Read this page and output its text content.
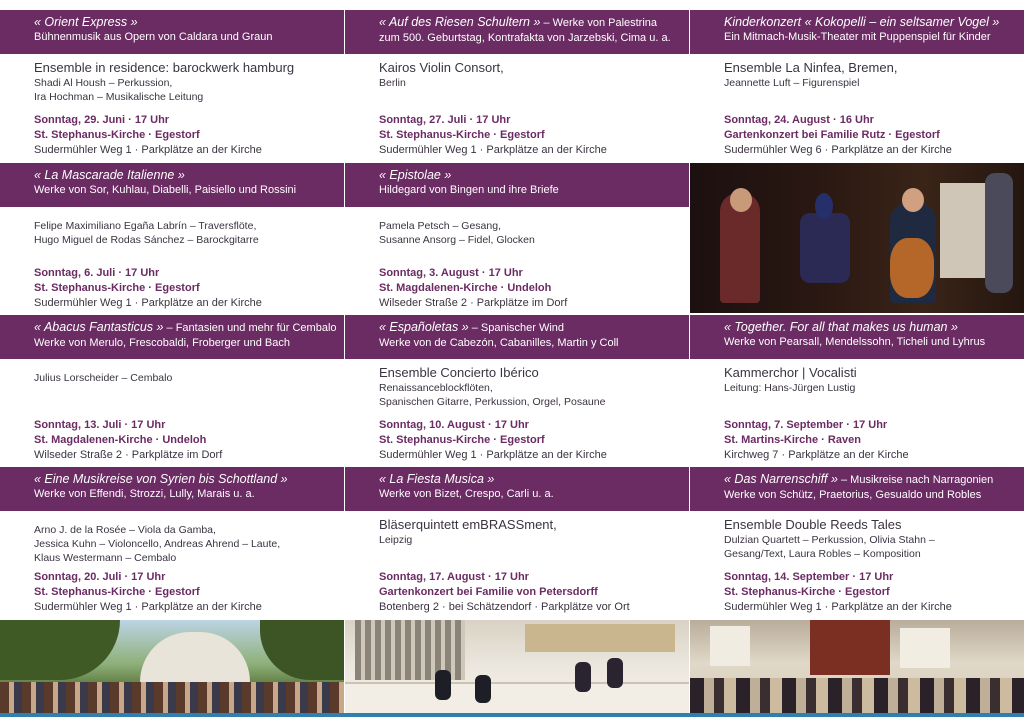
« Orient Express »
Bühnenmusik aus Opern von Caldara und Graun
Ensemble in residence: barockwerk hamburg
Shadi Al Housh – Perkussion,
Ira Hochman – Musikalische Leitung
Sonntag, 29. Juni · 17 Uhr
St. Stephanus-Kirche · Egestorf
Sudermühler Weg 1 · Parkplätze an der Kirche
« Auf des Riesen Schultern » – Werke von Palestrina
zum 500. Geburtstag, Kontrafakta von Jarzebski, Cima u. a.
Kairos Violin Consort,
Berlin
Sonntag, 27. Juli · 17 Uhr
St. Stephanus-Kirche · Egestorf
Sudermühler Weg 1 · Parkplätze an der Kirche
Kinderkonzert « Kokopelli – ein seltsamer Vogel »
Ein Mitmach-Musik-Theater mit Puppenspiel für Kinder
Ensemble La Ninfea, Bremen,
Jeannette Luft – Figurenspiel
Sonntag, 24. August · 16 Uhr
Gartenkonzert bei Familie Rutz · Egestorf
Sudermühler Weg 6 · Parkplätze an der Kirche
« La Mascarade Italienne »
Werke von Sor, Kuhlau, Diabelli, Paisiello und Rossini
Felipe Maximiliano Egaña Labrín – Traversflöte,
Hugo Miguel de Rodas Sánchez – Barockgitarre
Sonntag, 6. Juli · 17 Uhr
St. Stephanus-Kirche · Egestorf
Sudermühler Weg 1 · Parkplätze an der Kirche
« Epistolae »
Hildegard von Bingen und ihre Briefe
Pamela Petsch – Gesang,
Susanne Ansorg – Fidel, Glocken
Sonntag, 3. August · 17 Uhr
St. Magdalenen-Kirche · Undeloh
Wilseder Straße 2 · Parkplätze im Dorf
« Abacus Fantasticus » – Fantasien und mehr für Cembalo
Werke von Merulo, Frescobaldi, Froberger und Bach
Julius Lorscheider – Cembalo
Sonntag, 13. Juli · 17 Uhr
St. Magdalenen-Kirche · Undeloh
Wilseder Straße 2 · Parkplätze im Dorf
« Españoletas » – Spanischer Wind
Werke von de Cabezón, Cabanilles, Martin y Coll
Ensemble Concierto Ibérico
Renaissanceblockflöten,
Spanischen Gitarre, Perkussion, Orgel, Posaune
Sonntag, 10. August · 17 Uhr
St. Stephanus-Kirche · Egestorf
Sudermühler Weg 1 · Parkplätze an der Kirche
« Together. For all that makes us human »
Werke von Pearsall, Mendelssohn, Ticheli und Lyhrus
Kammerchor | Vocalisti
Leitung: Hans-Jürgen Lustig
Sonntag, 7. September · 17 Uhr
St. Martins-Kirche · Raven
Kirchweg 7 · Parkplätze an der Kirche
« Eine Musikreise von Syrien bis Schottland »
Werke von Effendi, Strozzi, Lully, Marais u. a.
Arno J. de la Rosée – Viola da Gamba,
Jessica Kuhn – Violoncello, Andreas Ahrend – Laute,
Klaus Westermann – Cembalo
Sonntag, 20. Juli · 17 Uhr
St. Stephanus-Kirche · Egestorf
Sudermühler Weg 1 · Parkplätze an der Kirche
« La Fiesta Musica »
Werke von Bizet, Crespo, Carli u. a.
Bläserquintett emBRASSment,
Leipzig
Sonntag, 17. August · 17 Uhr
Gartenkonzert bei Familie von Petersdorff
Botenberg 2 · bei Schätzendorf · Parkplätze vor Ort
« Das Narrenschiff » – Musikreise nach Narragonien
Werke von Schütz, Praetorius, Gesualdo und Robles
Ensemble Double Reeds Tales
Dulzian Quartett – Perkussion, Olivia Stahn –
Gesang/Text, Laura Robles – Komposition
Sonntag, 14. September · 17 Uhr
St. Stephanus-Kirche · Egestorf
Sudermühler Weg 1 · Parkplätze an der Kirche
